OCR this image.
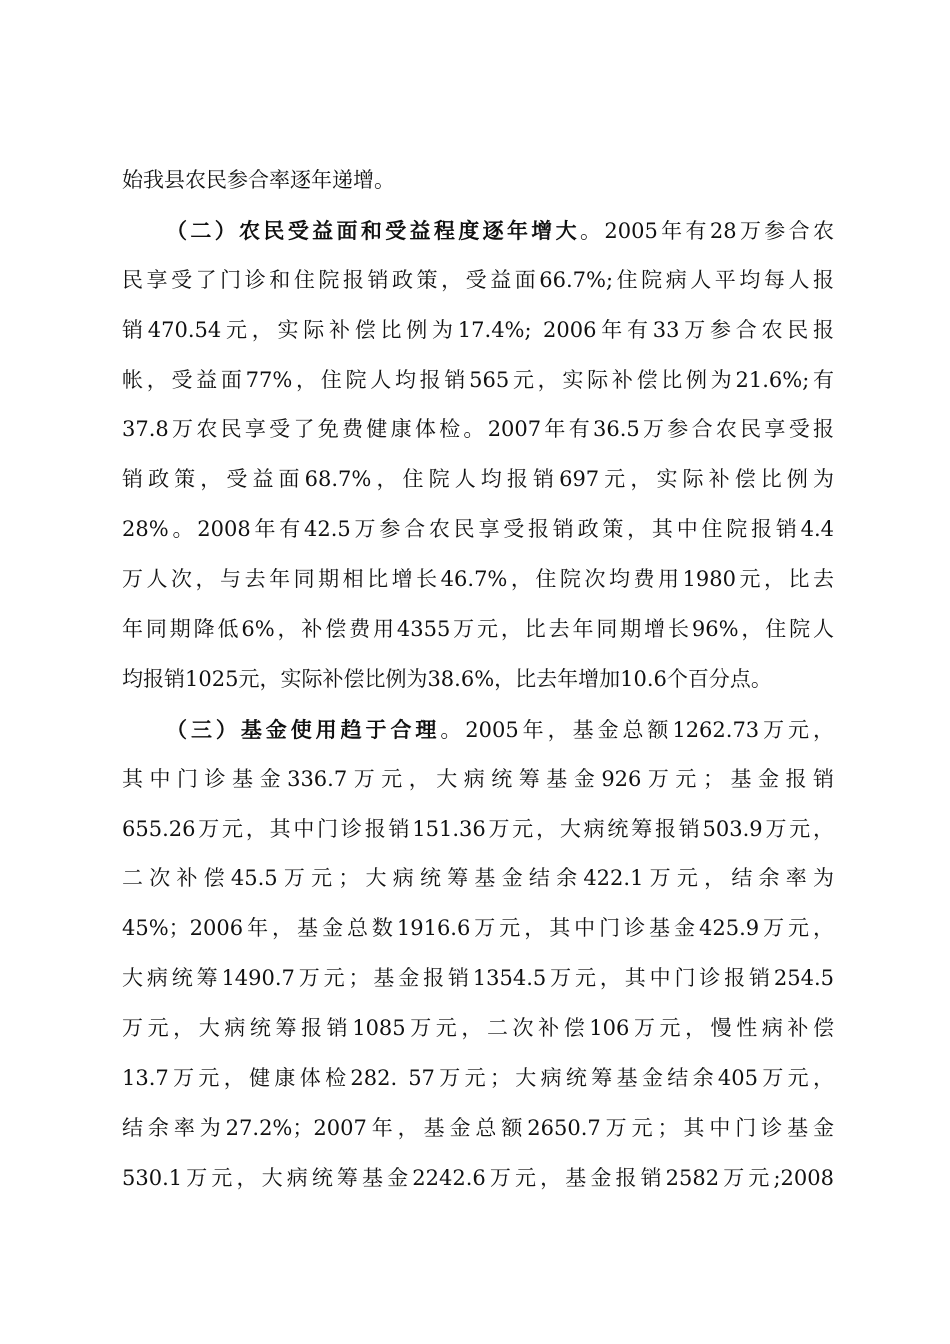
始我县农民参合率逐年递增。
（二）农民受益面和受益程度逐年增大。2005年有28万参合农
民享受了门诊和住院报销政策，受益面66.7%;住院病人平均每人报
销470.54元，实际补偿比例为17.4%; 2006年有33万参合农民报
帐，受益面77%，住院人均报销565元，实际补偿比例为21.6%;有
37.8万农民享受了免费健康体检。2007年有36.5万参合农民享受报
销政策，受益面68.7%，住院人均报销697元，实际补偿比例为
28%。2008年有42.5万参合农民享受报销政策，其中住院报销4.4
万人次，与去年同期相比增长46.7%，住院次均费用1980元，比去
年同期降低6%，补偿费用4355万元，比去年同期增长96%，住院人
均报销1025元，实际补偿比例为38.6%，比去年增加10.6个百分点。
（三）基金使用趋于合理。2005年，基金总额1262.73万元，
其中门诊基金336.7万元，大病统筹基金926万元；基金报销
655.26万元，其中门诊报销151.36万元，大病统筹报销503.9万元，
二次补偿45.5万元；大病统筹基金结余422.1万元，结余率为
45%；2006年，基金总数1916.6万元，其中门诊基金425.9万元，
大病统筹1490.7万元；基金报销1354.5万元，其中门诊报销254.5
万元，大病统筹报销1085万元，二次补偿106万元，慢性病补偿
13.7万元，健康体检282. 57万元；大病统筹基金结余405万元，
结余率为27.2%；2007年，基金总额2650.7万元；其中门诊基金
530.1万元，大病统筹基金2242.6万元，基金报销2582万元;2008
